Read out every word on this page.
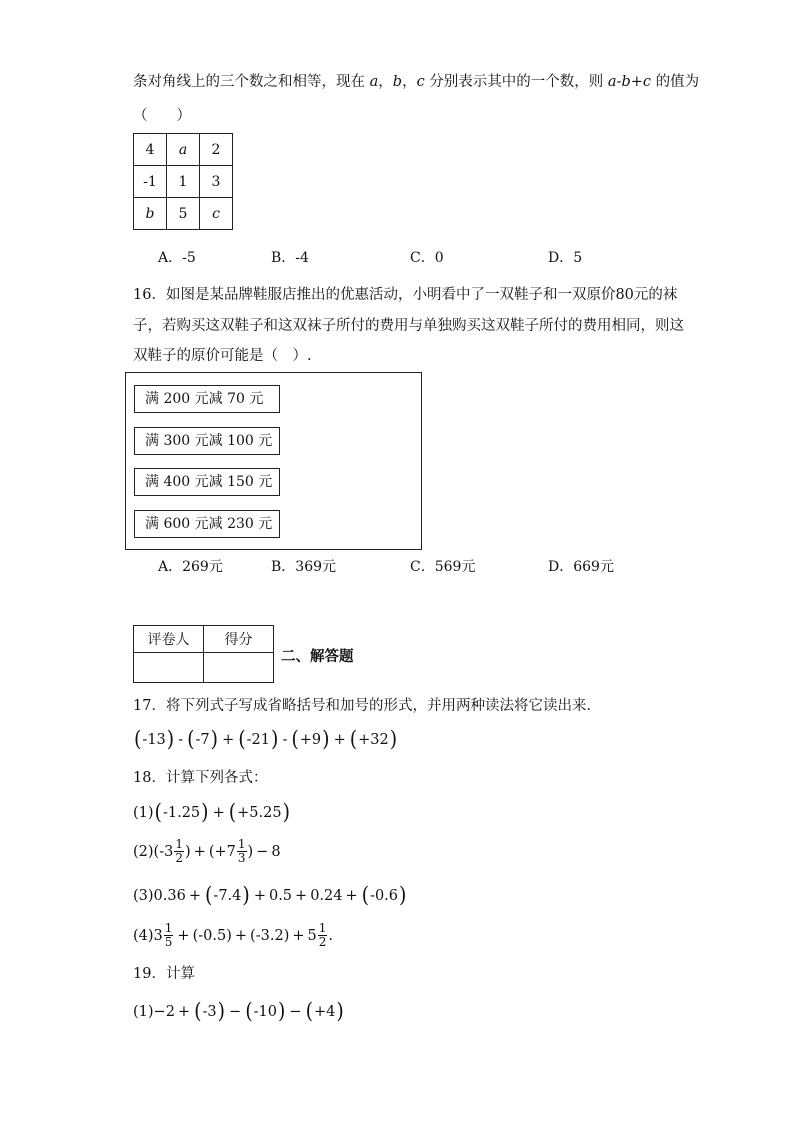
条对角线上的三个数之和相等，现在 a，b，c 分别表示其中的一个数，则 a-b+c 的值为
（　　）
4	a	2
-1	1	3
b	5	c
A．-5	B．-4	C．0	D．5
16．如图是某品牌鞋服店推出的优惠活动，小明看中了一双鞋子和一双原价80元的袜
子，若购买这双鞋子和这双袜子所付的费用与单独购买这双鞋子所付的费用相同，则这
双鞋子的原价可能是（　）.
满 200 元减 70 元
满 300 元减 100 元
满 400 元减 150 元
满 600 元减 230 元
A．269元	B．369元	C．569元	D．669元
评卷人	得分

二、解答题
17．将下列式子写成省略括号和加号的形式，并用两种读法将它读出来．
( -13 ) - ( -7 ) + ( -21 ) - ( +9 ) + ( +32 )
18．计算下列各式：
(1) ( -1.25 ) + ( +5.25 )
(2) ( $-3 \frac{1}{2}$ ) + ( $+7 \frac{1}{3}$ ) − 8
(3) 0.36 + ( -7.4 ) + 0.5 + 0.24 + ( -0.6 )
(4) $3 \frac{1}{5}$ + ( -0.5 ) + ( -3.2 ) + $5 \frac{1}{2}$ .
19．计算
(1) −2 + ( -3 ) − ( -10 ) − ( +4 )
